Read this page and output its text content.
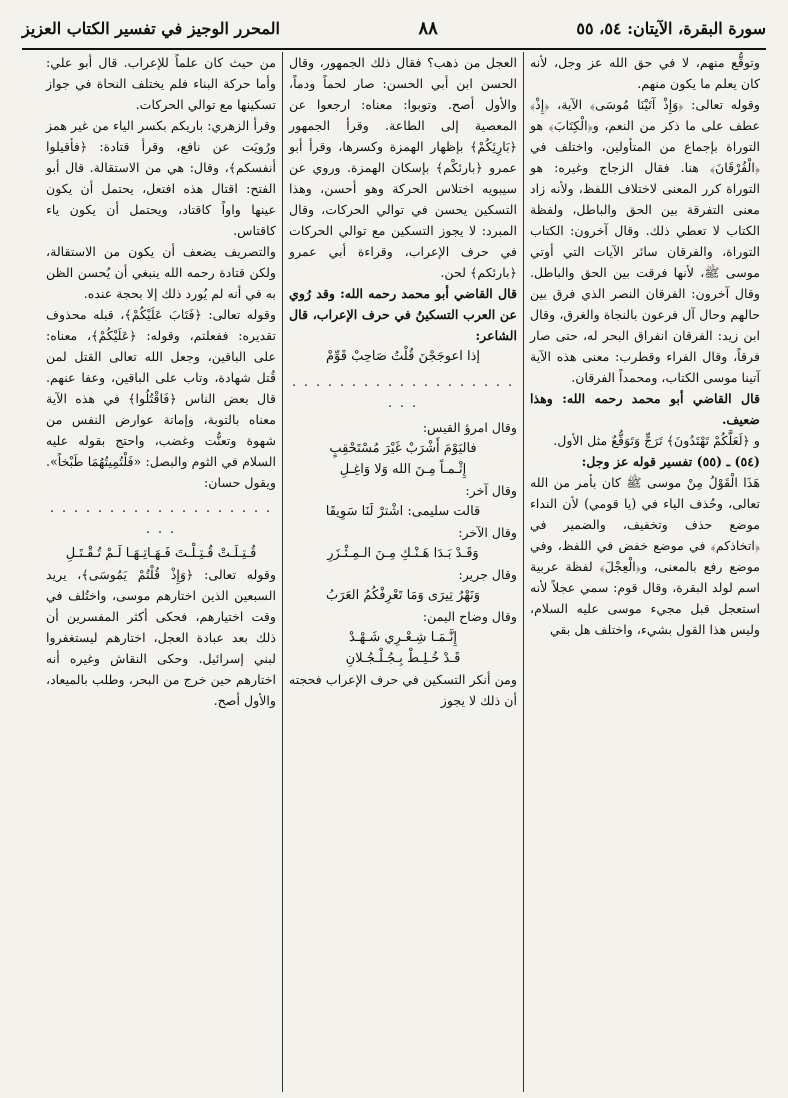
سورة البقرة، الآيتان: ٥٤، ٥٥
٨٨
المحرر الوجيز في تفسير الكتاب العزيز

وتوقُّع منهم، لا في حق الله عز وجل، لأنه كان يعلم ما يكون منهم.

وقوله تعالى: ﴿وَإِذْ آتَيْنَا مُوسَى﴾ الآية، ﴿إِذْ﴾ عطف على ما ذكر من النعم، و﴿الْكِتَابَ﴾ هو التوراة بإجماع من المتأولين، واختلف في ﴿الْفُرْقَانَ﴾ هنا. فقال الزجاج وغيره: هو التوراة كرر المعنى لاختلاف اللفظ، ولأنه زاد معنى التفرقة بين الحق والباطل، ولفظة الكتاب لا تعطي ذلك. وقال آخرون: الكتاب التوراة، والفرقان سائر الآيات التي أوتي موسى ﷺ، لأنها فرقت بين الحق والباطل. وقال آخرون: الفرقان النصر الذي فرق بين حالهم وحال آل فرعون بالنجاة والغرق، وقال ابن زيد: الفرقان انفراق البحر له، حتى صار فرقاً، وقال الفراء وقطرب: معنى هذه الآية آتينا موسى الكتاب، ومحمداً الفرقان.

قال القاضي أبو محمد رحمه الله: وهذا ضعيف.

و ﴿لَعَلَّكُمْ تَهْتَدُونَ﴾ تَرَجٍّ وَتَوَقُّعٌ مثل الأول.

(٥٤) ـ (٥٥) تفسير قوله عز وجل:

هَذَا الْقَوْلُ مِنْ موسى ﷺ كان بأمر من الله تعالى، وحُذف الياء في (يا قومي) لأن النداء موضع حذف وتخفيف، والضمير في ﴿اتخاذكم﴾ في موضع خفض في اللفظ، وفي موضع رفع بالمعنى، و﴿الْعِجْلَ﴾ لفظة عربية اسم لولد البقرة، وقال قوم: سمي عجلاً لأنه استعجل قبل مجيء موسى عليه السلام، وليس هذا القول بشيء، واختلف هل بقي

العجل من ذهب؟ فقال ذلك الجمهور، وقال الحسن ابن أبي الحسن: صار لحماً ودماً، والأول أصح. وتوبوا: معناه: ارجعوا عن المعصية إلى الطاعة. وقرأ الجمهور ﴿بَارِئِكُمْ﴾ بإظهار الهمزة وكسرها، وقرأ أبو عمرو ﴿بارئكْم﴾ بإسكان الهمزة. وروي عن سيبويه اختلاس الحركة وهو أحسن، وهذا التسكين يحسن في توالي الحركات، وقال المبرد: لا يجوز التسكين مع توالي الحركات في حرف الإعراب، وقراءة أبي عمرو ﴿بارئكم﴾ لحن.

قال القاضي أبو محمد رحمه الله: وقد رُوي عن العرب التسكينُ في حرف الإعراب، قال الشاعر:

إذا اعوجَجْنَ قُلْتُ صَاحِبْ قَوِّمْ

. . . . . . . . . . . . . . . . . . . . . .

وقال امرؤ القيس:

فاليَوْمَ أَشْرَبْ غَيْرَ مُسْتَحْقِبٍ

إِثْـمـاً مِـنَ الله وَلا وَاغِـلِ

وقال آخر:

قالت سليمى: اشْترْ لَنَا سَوِيقَا

وقال الآخر:

وَقَـدْ بَـدَا هَـنْـكِ مِـنَ الـمِـئْـزَرِ

وقال جرير:

وَنَهْرُ تِيرَى وَمَا تَعْرِفْكُمُ العَرَبُ

وقال وضاح اليمن:

إِنَّـمَـا شِـعْـرِي شَـهْـدْ

قَـدْ خُـلِـطْ بِـجُـلْـجُـلانِ

ومن أنكر التسكين في حرف الإعراب فحجته أن ذلك لا يجوز

من حيث كان علماً للإعراب. قال أبو علي: وأما حركة البناء فلم يختلف النحاة في جواز تسكينها مع توالي الحركات.

وقرأ الزهري: باريكم بكسر الياء من غير همز ورُويَت عن نافع، وقرأ قتادة: ﴿فأقيلوا أنفسكم﴾، وقال: هي من الاستقالة. قال أبو الفتح: اقتال هذه افتعل، يحتمل أن يكون عينها واواً كاقتاد، ويحتمل أن يكون ياء كاقتاس.

والتصريف يضعف أن يكون من الاستقالة، ولكن قتادة رحمه الله ينبغي أن يُحسن الظن به في أنه لم يُورد ذلك إلا بحجة عنده.

وقوله تعالى: ﴿فَتَابَ عَلَيْكُمْ﴾، قبله محذوف تقديره: ففعلتم، وقوله: ﴿عَلَيْكُمْ﴾، معناه: على الباقين، وجعل الله تعالى القتل لمن قُتل شهادة، وتاب على الباقين، وعفا عنهم. قال بعض الناس ﴿فَاقْتُلُوا﴾ في هذه الآية معناه بالتوبة، وإماتة عوارض النفس من شهوة وتعنُّت وغضب، واحتج بقوله عليه السلام في الثوم والبصل: «فَلْتُمِيتُهُمَا طَبْخاً». ويقول حسان:

. . . . . . . . . . . . . . . . . . . . . .

قُـتِـلَـتْ قُـتِـلْـتَ فَـهَـاتِـهَـا لَـمْ تُـقْـتَـلِ

وقوله تعالى: ﴿وَإِذْ قُلْتُمْ يَمُوسَى﴾، يريد السبعين الذين اختارهم موسى، واختُلف في وقت اختيارهم، فحكى أكثر المفسرين أن ذلك بعد عبادة العجل، اختارهم ليستغفروا لبني إسرائيل. وحكى النقاش وغيره أنه اختارهم حين خرج من البحر، وطلب بالميعاد، والأول أصح.
